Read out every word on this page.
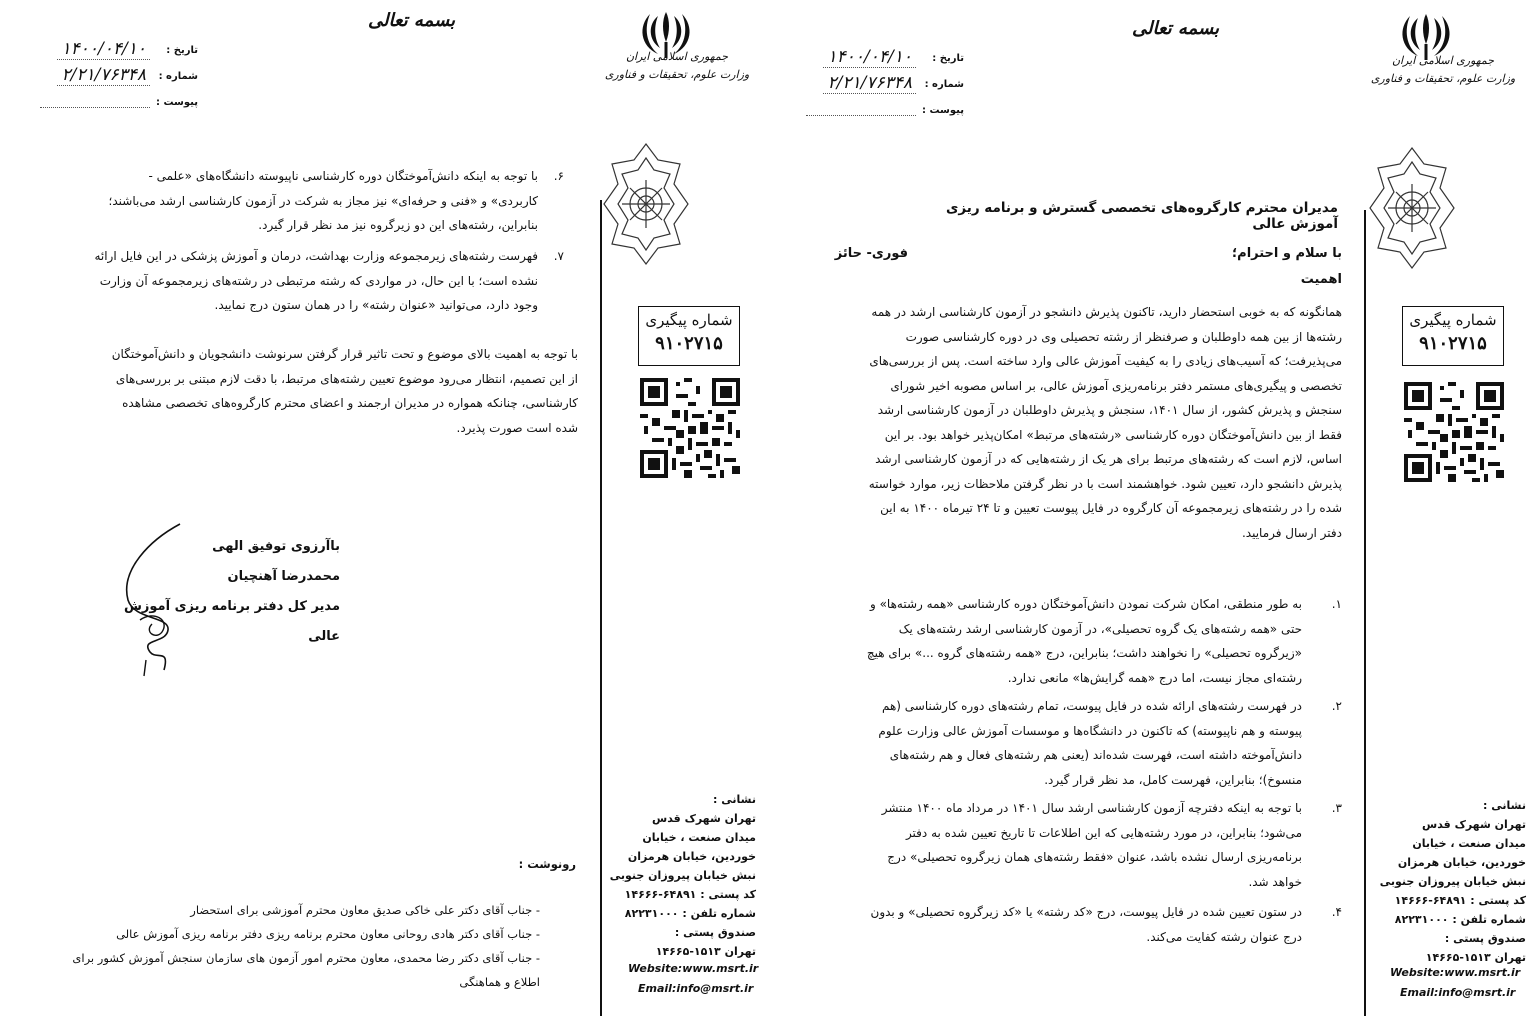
تاریخ :
۱۴۰۰/۰۴/۱۰
شماره :
۲/۲۱/۷۶۳۴۸
پیوست :
بسمه تعالی
جمهوری اسلامی ایران
وزارت علوم، تحقیقات و فناوری
شماره پیگیری
۹۱۰۲۷۱۵
نشانی :
تهران شهرک قدس
میدان صنعت ، خیابان
خوردین، خیابان هرمزان
نبش خیابان پیروزان جنوبی
کد پستی : ۶۴۸۹۱-۱۴۶۶۶
شماره تلفن : ۸۲۲۳۱۰۰۰
صندوق پستی :
تهران ۱۵۱۳-۱۴۶۶۵
Website:www.msrt.ir
Email:info@msrt.ir
۶.
با توجه به اینکه دانش‌آموختگان دوره کارشناسی ناپیوسته دانشگاه‌های «علمی -
کاربردی» و «فنی و حرفه‌ای» نیز مجاز به شرکت در آزمون کارشناسی ارشد می‌باشند؛
بنابراین، رشته‌های این دو زیرگروه نیز مد نظر قرار گیرد.
۷.
فهرست رشته‌های زیرمجموعه وزارت بهداشت، درمان و آموزش پزشکی در این فایل ارائه
نشده است؛ با این حال، در مواردی که رشته مرتبطی در رشته‌های زیرمجموعه آن وزارت
وجود دارد، می‌توانید «عنوان رشته» را در همان ستون درج نمایید.
با توجه به اهمیت بالای موضوع و تحت تاثیر قرار گرفتن سرنوشت دانشجویان و دانش‌آموختگان
از این تصمیم، انتظار می‌رود موضوع تعیین رشته‌های مرتبط، با دقت لازم مبتنی بر بررسی‌های
کارشناسی، چنانکه همواره در مدیران ارجمند و اعضای محترم کارگروه‌های تخصصی مشاهده
شده است صورت پذیرد.
باآرزوی توفیق الهی
محمدرضا آهنچیان
مدیر کل دفتر برنامه ریزی آموزش عالی
رونوشت :
- جناب آقای دکتر علی خاکی صدیق معاون محترم آموزشی برای استحضار
- جناب آقای دکتر هادی روحانی معاون محترم برنامه ریزی دفتر برنامه ریزی آموزش عالی
- جناب آقای دکتر رضا محمدی، معاون محترم امور آزمون های سازمان سنجش آموزش کشور برای
اطلاع و هماهنگی
تاریخ :
۱۴۰۰/۰۴/۱۰
شماره :
۲/۲۱/۷۶۳۴۸
پیوست :
بسمه تعالی
جمهوری اسلامی ایران
وزارت علوم، تحقیقات و فناوری
شماره پیگیری
۹۱۰۲۷۱۵
نشانی :
تهران شهرک قدس
میدان صنعت ، خیابان
خوردین، خیابان هرمزان
نبش خیابان پیروزان جنوبی
کد پستی : ۶۴۸۹۱-۱۴۶۶۶
شماره تلفن : ۸۲۲۳۱۰۰۰
صندوق پستی :
تهران ۱۵۱۳-۱۴۶۶۵
Website:www.msrt.ir
Email:info@msrt.ir
مدیران محترم کارگروه‌های تخصصی گسترش و برنامه ریزی آموزش عالی
با سلام و احترام؛
فوری- حائز
اهمیت
همانگونه که به خوبی استحضار دارید، تاکنون پذیرش دانشجو در آزمون کارشناسی ارشد در همه
رشته‌ها از بین همه داوطلبان و صرفنظر از رشته تحصیلی وی در دوره کارشناسی صورت
می‌پذیرفت؛ که آسیب‌های زیادی را به کیفیت آموزش عالی وارد ساخته است. پس از بررسی‌های
تخصصی و پیگیری‌های مستمر دفتر برنامه‌ریزی آموزش عالی، بر اساس مصوبه اخیر شورای
سنجش و پذیرش کشور، از سال ۱۴۰۱، سنجش و پذیرش داوطلبان در آزمون کارشناسی ارشد
فقط از بین دانش‌آموختگان دوره کارشناسی «رشته‌های مرتبط» امکان‌پذیر خواهد بود. بر این
اساس، لازم است که رشته‌های مرتبط برای هر یک از رشته‌هایی که در آزمون کارشناسی ارشد
پذیرش دانشجو دارد، تعیین شود. خواهشمند است با در نظر گرفتن ملاحظات زیر، موارد خواسته
شده را در رشته‌های زیرمجموعه آن کارگروه در فایل پیوست تعیین و تا ۲۴ تیرماه ۱۴۰۰ به این
دفتر ارسال فرمایید.
۱.
به طور منطقی، امکان شرکت نمودن دانش‌آموختگان دوره کارشناسی «همه رشته‌ها» و
حتی «همه رشته‌های یک گروه تحصیلی»، در آزمون کارشناسی ارشد رشته‌های یک
«زیرگروه تحصیلی» را نخواهند داشت؛ بنابراین، درج «همه رشته‌های گروه ...» برای هیچ
رشته‌ای مجاز نیست، اما درج «همه گرایش‌ها» مانعی ندارد.
۲.
در فهرست رشته‌های ارائه شده در فایل پیوست، تمام رشته‌های دوره کارشناسی (هم
پیوسته و هم ناپیوسته) که تاکنون در دانشگاه‌ها و موسسات آموزش عالی وزارت علوم
دانش‌آموخته داشته است، فهرست شده‌اند (یعنی هم رشته‌های فعال و هم رشته‌های
منسوخ)؛ بنابراین، فهرست کامل، مد نظر قرار گیرد.
۳.
با توجه به اینکه دفترچه آزمون کارشناسی ارشد سال ۱۴۰۱ در مرداد ماه ۱۴۰۰ منتشر
می‌شود؛ بنابراین، در مورد رشته‌هایی که این اطلاعات تا تاریخ تعیین شده به دفتر
برنامه‌ریزی ارسال نشده باشد، عنوان «فقط رشته‌های همان زیرگروه تحصیلی» درج
خواهد شد.
۴.
در ستون تعیین شده در فایل پیوست، درج «کد رشته» یا «کد زیرگروه تحصیلی» و بدون
درج عنوان رشته کفایت می‌کند.
